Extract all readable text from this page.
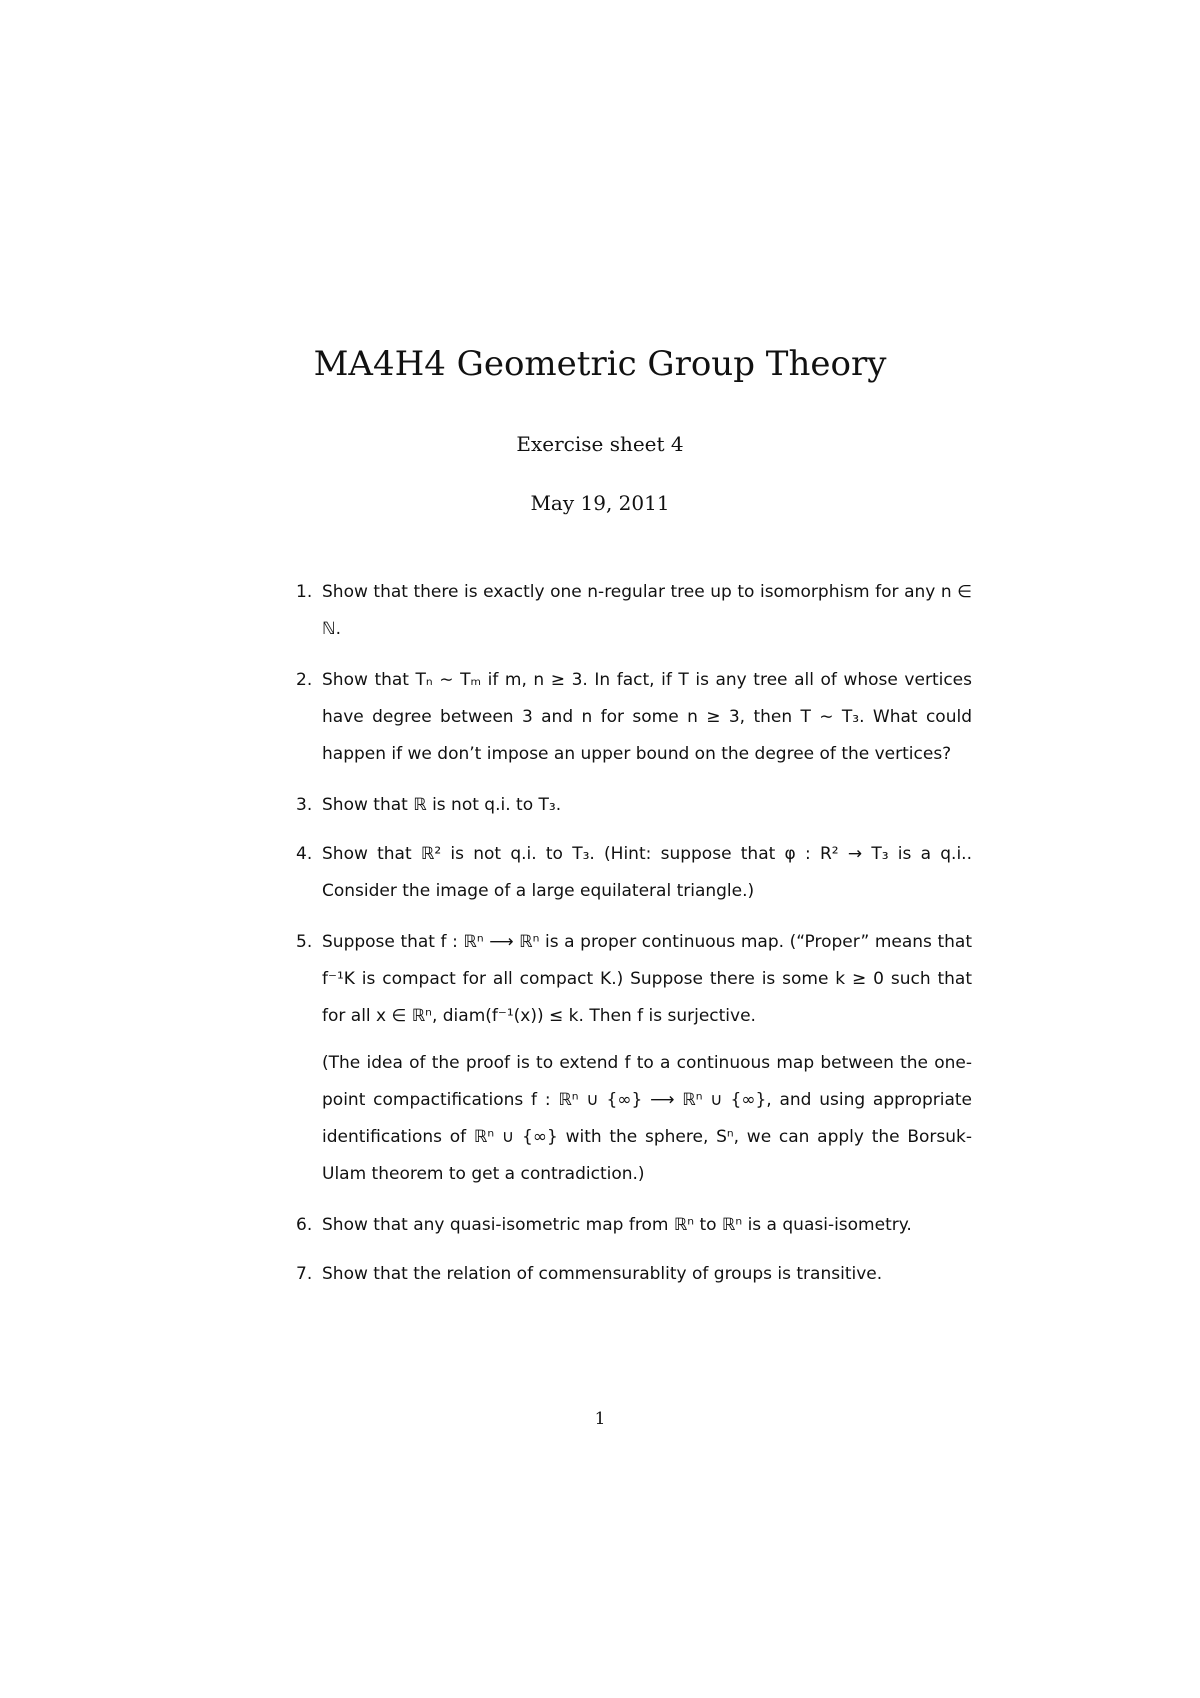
MA4H4 Geometric Group Theory
Exercise sheet 4
May 19, 2011
1. Show that there is exactly one n-regular tree up to isomorphism for any n ∈ ℕ.
2. Show that Tₙ ∼ Tₘ if m, n ≥ 3. In fact, if T is any tree all of whose vertices have degree between 3 and n for some n ≥ 3, then T ∼ T₃. What could happen if we don’t impose an upper bound on the degree of the vertices?
3. Show that ℝ is not q.i. to T₃.
4. Show that ℝ² is not q.i. to T₃. (Hint: suppose that φ : R² → T₃ is a q.i.. Consider the image of a large equilateral triangle.)
5. Suppose that f : ℝⁿ ⟶ ℝⁿ is a proper continuous map. (“Proper” means that f⁻¹K is compact for all compact K.) Suppose there is some k ≥ 0 such that for all x ∈ ℝⁿ, diam(f⁻¹(x)) ≤ k. Then f is surjective.
(The idea of the proof is to extend f to a continuous map between the one-point compactifications f : ℝⁿ ∪ {∞} ⟶ ℝⁿ ∪ {∞}, and using appropriate identifications of ℝⁿ ∪ {∞} with the sphere, Sⁿ, we can apply the Borsuk-Ulam theorem to get a contradiction.)
6. Show that any quasi-isometric map from ℝⁿ to ℝⁿ is a quasi-isometry.
7. Show that the relation of commensurablity of groups is transitive.
1
